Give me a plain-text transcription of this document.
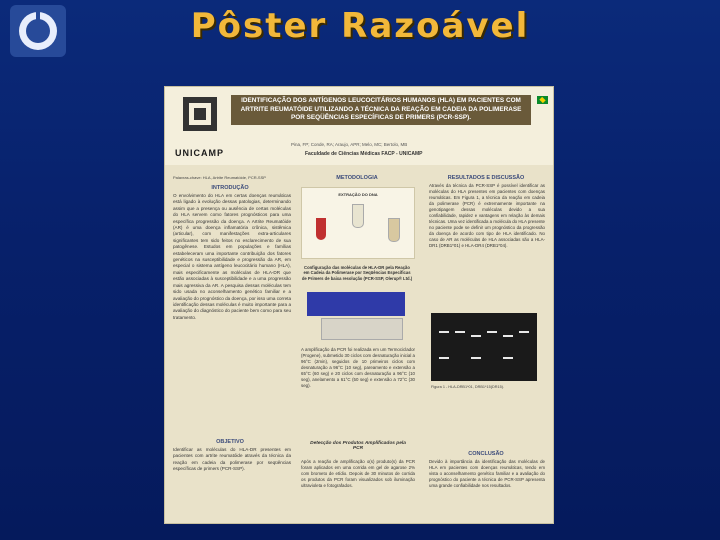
Pôster Razoável
UNICAMP
IDENTIFICAÇÃO DOS ANTÍGENOS LEUCOCITÁRIOS HUMANOS (HLA) EM PACIENTES COM ARTRITE REUMATÓIDE UTILIZANDO A TÉCNICA DA REAÇÃO EM CADEIA DA POLIMERASE POR SEQÜÊNCIAS ESPECÍFICAS DE PRIMERS (PCR-SSP).
Pina, FP; Conde, RA; Araujo, APR; Melo, MC; Bertolo, MB
Faculdade de Ciências Médicas FACP - UNICAMP
Palavras-chave: HLA, Artrite Reumatóide, PCR-SSP
INTRODUÇÃO
O envolvimento do HLA em certas doenças reumáticas está ligado à evolução dessas patologias, determinando assim que a presença ou ausência de certas moléculas do HLA servem como fatores prognósticos para uma específica progressão da doença. A Artrite Reumatóide (AR) é uma doença inflamatória crônica, sistêmica (articular), com manifestações extra-articulares significantes tem sido feitos no esclarecimento de sua patogênese. Estudos em populações e famílias estabeleceram uma importante contribuição dos fatores genéticos na susceptibilidade e progressão da AR, em especial o sistema antígeno leucocitário humano (HLA), mais especificamente as moléculas de HLA-DR que estão associadas à susceptibilidade e a uma progressão mais agressiva da AR. A pesquisa dessas moléculas tem sido usada no aconselhamento genético familiar e a avaliação do prognóstico da doença, por isso uma correta identificação dessas moléculas é muito importante para a avaliação do diagnóstico do paciente bem como para seu tratamento.
OBJETIVO
Identificar as moléculas do HLA-DR presentes em pacientes com artrite reumatóide através da técnica da reação em cadeia da polimerase por seqüências específicas de primers (PCR-SSP).
METODOLOGIA
EXTRAÇÃO DO DNA
Configuração das moléculas de HLA-DR pela Reação em Cadeia da Polimerase por Seqüências Específicas de Primers de baixa resolução (PCR-SSP, Olerup® Ltd.)
A amplificação da PCR foi realizada em um Termociclador (Progene), submetido 30 ciclos com desnaturação inicial a 96°C (2min), seguidos de 10 primeiros ciclos com desnaturação a 96°C (10 seg), pareamento e extensão a 65°C (60 seg) e 20 ciclos com desnaturação a 96°C (10 seg), anelamento a 61°C (50 seg) e extensão a 72°C (30 seg).
Detecção dos Produtos Amplificados pela PCR
Após a reação de amplificação o(s) produto(s) da PCR foram aplicados em uma corrida em gel de agarose 2% com brometo de etídio. Depois de 30 minutos de corrida os produtos da PCR foram visualizados sob iluminação ultravioleta e fotografados.
RESULTADOS E DISCUSSÃO
Através da técnica da PCR-SSP é possível identificar as moléculas do HLA presentes em pacientes com doenças reumáticas. Em Figura 1, a técnica da reação em cadeia da polimerase (PCR) é extremamente importante na genotipagem dessas moléculas devido a sua confiabilidade, rapidez e vantagens em relação às demais técnicas. Uma vez identificada a molécula do HLA presente no paciente pode se definir um prognóstico da progressão da doença de acordo com tipo de HLA identificado. No caso de AR as moléculas de HLA associadas são a HLA-DR1 (DRB1*01) e HLA-DR4 (DRB1*04).
Figura 1 - HLA-DRB1*01, DRB1*15(DR15).
CONCLUSÃO
Devido à importância da identificação das moléculas de HLA em pacientes com doenças reumáticas, tendo em vista o aconselhamento genético familiar e a avaliação do prognóstico do paciente a técnica de PCR-SSP apresenta uma grande confiabilidade nos resultados.
